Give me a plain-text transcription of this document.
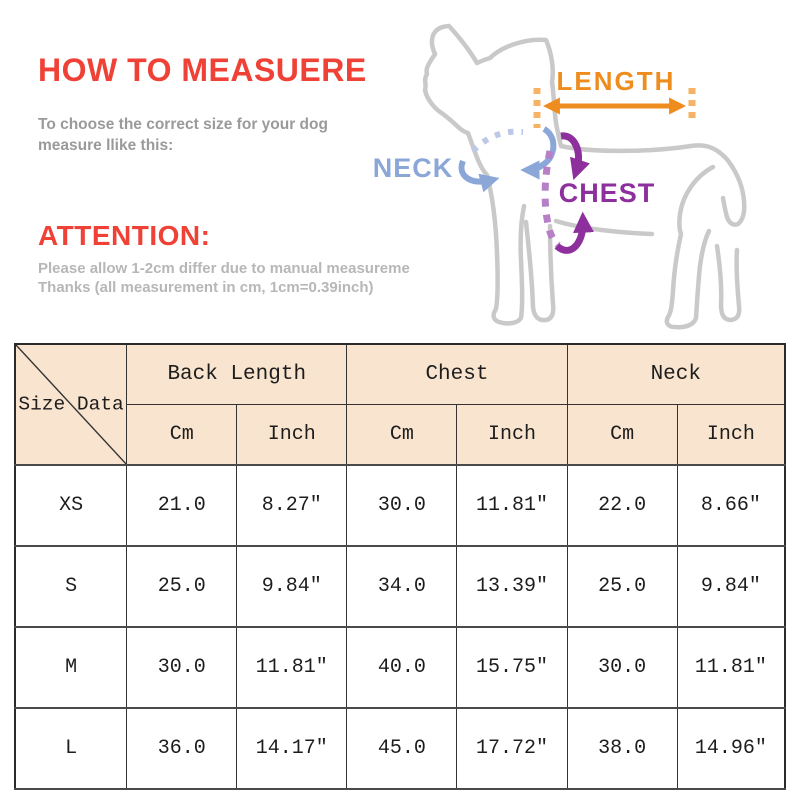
HOW TO MEASUERE

To choose the correct size for your dog
measure llike this:

ATTENTION:

Please allow 1-2cm differ due to manual measureme
Thanks (all measurement in cm, 1cm=0.39inch)

LENGTH
NECK
CHEST
Size Data	Back Length		Chest		Neck	
	Cm	Inch	Cm	Inch	Cm	Inch
XS	21.0	8.27″	30.0	11.81″	22.0	8.66″
S	25.0	9.84″	34.0	13.39″	25.0	9.84″
M	30.0	11.81″	40.0	15.75″	30.0	11.81″
L	36.0	14.17″	45.0	17.72″	38.0	14.96″
